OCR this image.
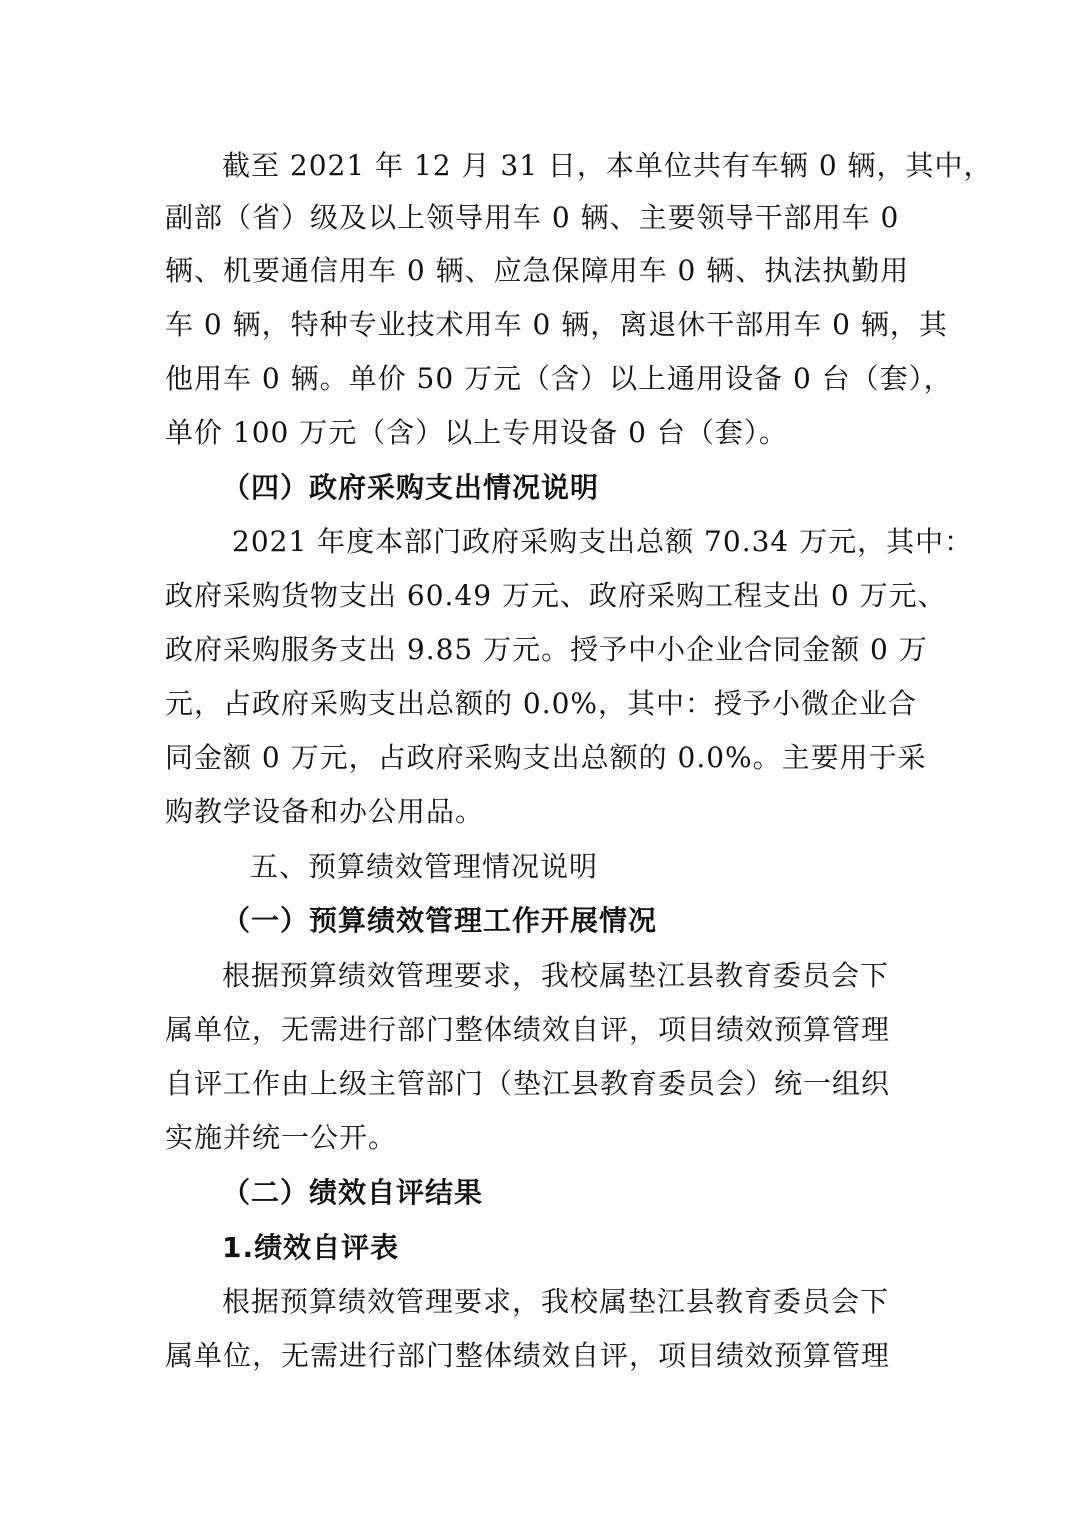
截至 2021 年 12 月 31 日，本单位共有车辆 0 辆，其中，
副部（省）级及以上领导用车 0 辆、主要领导干部用车 0
辆、机要通信用车 0 辆、应急保障用车 0 辆、执法执勤用
车 0 辆，特种专业技术用车 0 辆，离退休干部用车 0 辆，其
他用车 0 辆。单价 50 万元（含）以上通用设备 0 台（套），
单价 100 万元（含）以上专用设备 0 台（套）。
（四）政府采购支出情况说明
2021 年度本部门政府采购支出总额 70.34 万元，其中：
政府采购货物支出 60.49 万元、政府采购工程支出 0 万元、
政府采购服务支出 9.85 万元。授予中小企业合同金额 0 万
元，占政府采购支出总额的 0.0%，其中：授予小微企业合
同金额 0 万元，占政府采购支出总额的 0.0%。主要用于采
购教学设备和办公用品。
五、预算绩效管理情况说明
（一）预算绩效管理工作开展情况
根据预算绩效管理要求，我校属垫江县教育委员会下
属单位，无需进行部门整体绩效自评，项目绩效预算管理
自评工作由上级主管部门（垫江县教育委员会）统一组织
实施并统一公开。
（二）绩效自评结果
1.绩效自评表
根据预算绩效管理要求，我校属垫江县教育委员会下
属单位，无需进行部门整体绩效自评，项目绩效预算管理
